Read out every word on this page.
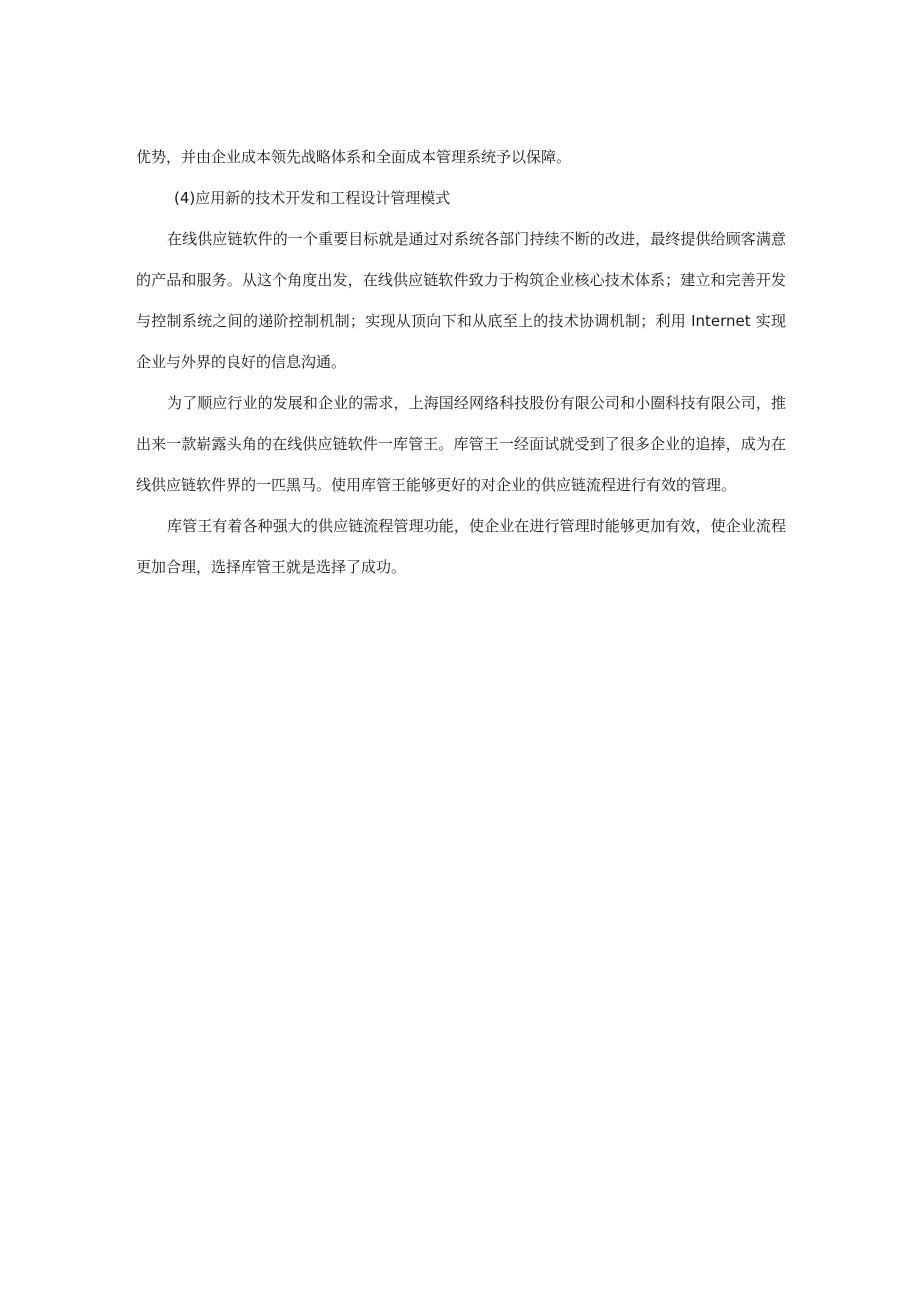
优势，并由企业成本领先战略体系和全面成本管理系统予以保障。

(4)应用新的技术开发和工程设计管理模式

在线供应链软件的一个重要目标就是通过对系统各部门持续不断的改进，最终提供给顾客满意的产品和服务。从这个角度出发，在线供应链软件致力于构筑企业核心技术体系；建立和完善开发与控制系统之间的递阶控制机制；实现从顶向下和从底至上的技术协调机制；利用 Internet 实现企业与外界的良好的信息沟通。

为了顺应行业的发展和企业的需求，上海国经网络科技股份有限公司和小圈科技有限公司，推出来一款崭露头角的在线供应链软件一库管王。库管王一经面试就受到了很多企业的追捧，成为在线供应链软件界的一匹黑马。使用库管王能够更好的对企业的供应链流程进行有效的管理。

库管王有着各种强大的供应链流程管理功能，使企业在进行管理时能够更加有效，使企业流程更加合理，选择库管王就是选择了成功。
